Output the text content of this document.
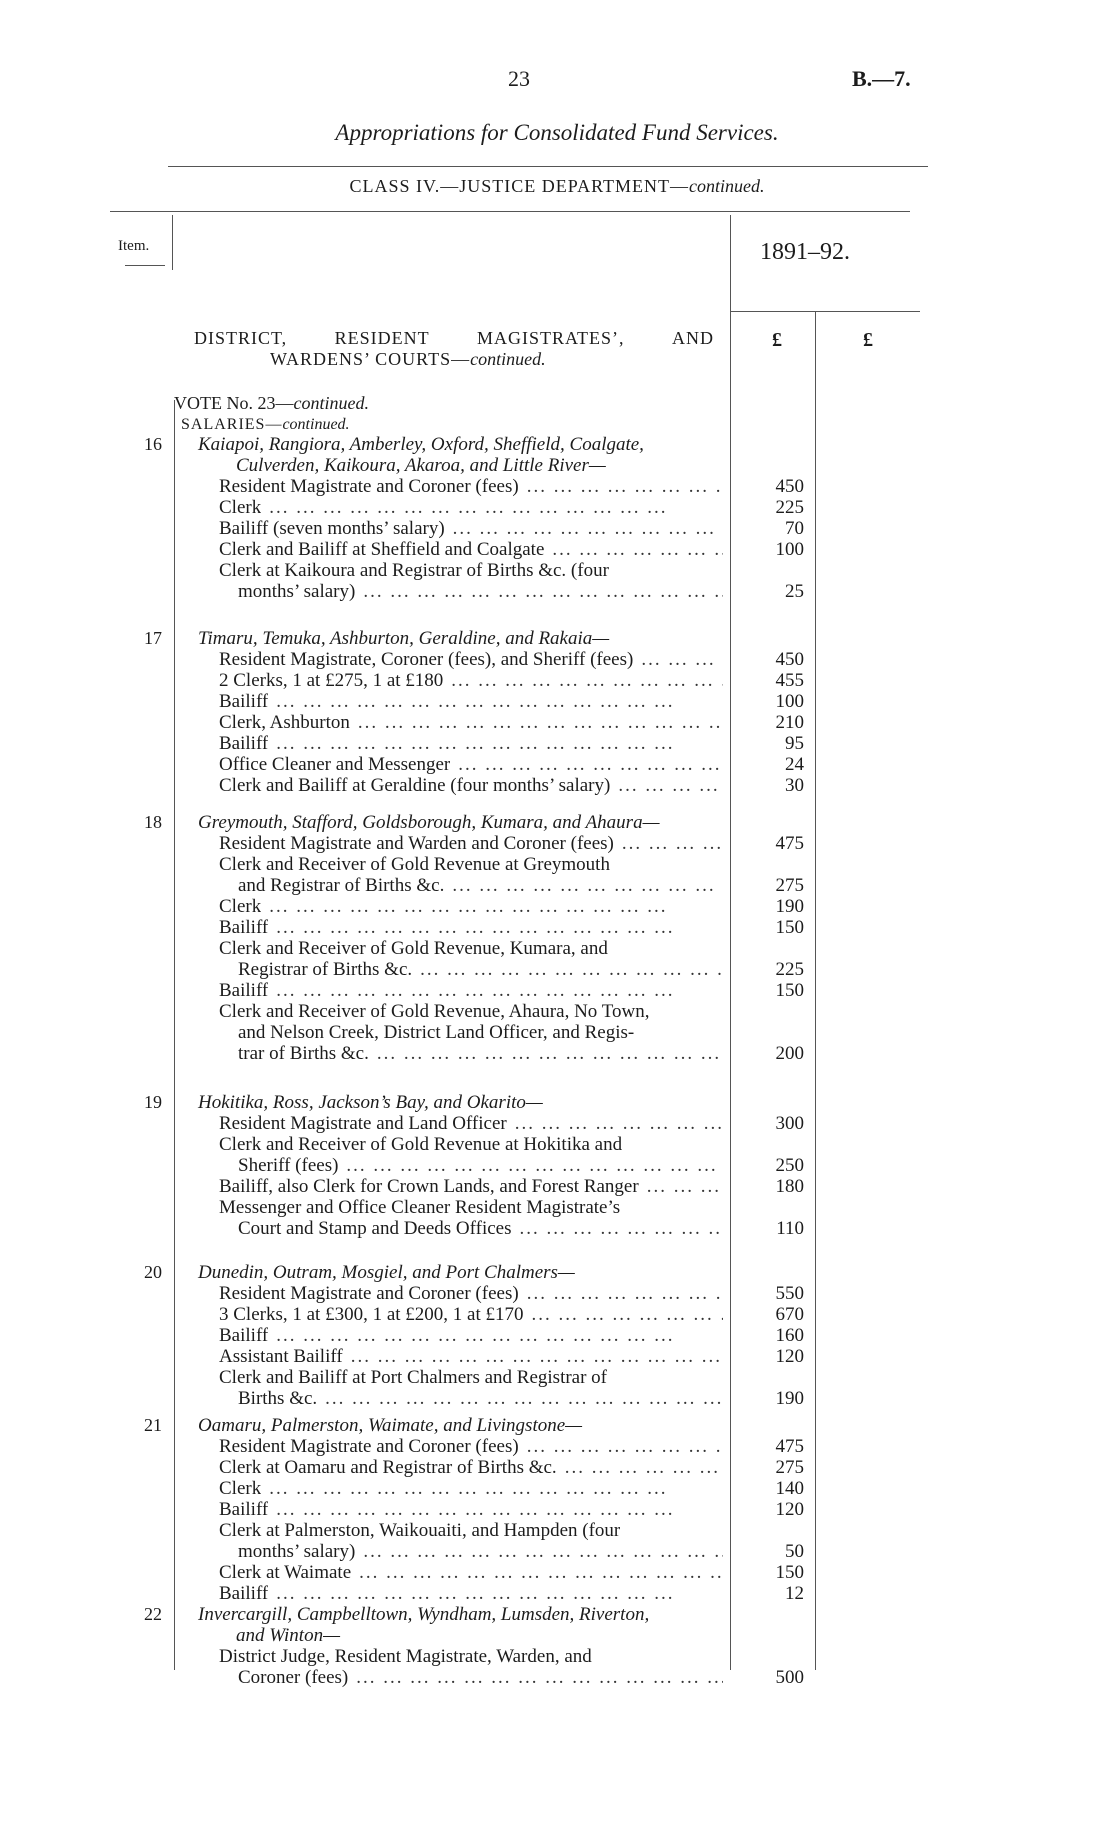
23	B.—7.
Appropriations for Consolidated Fund Services.
CLASS IV.—JUSTICE DEPARTMENT—continued.
Item.	1891–92.
£	£
DISTRICT,	RESIDENT	MAGISTRATES’,	AND
WARDENS’ COURTS—continued.
VOTE No. 23—continued.
SALARIES—continued.
16 Kaiapoi, Rangiora, Amberley, Oxford, Sheffield, Coalgate,
Culverden, Kaikoura, Akaroa, and Little River—
Resident Magistrate and Coroner (fees) ...	450
Clerk ...	225
Bailiff (seven months’ salary) ...	70
Clerk and Bailiff at Sheffield and Coalgate ...	100
Clerk at Kaikoura and Registrar of Births &c. (four
months’ salary) ...	25
17 Timaru, Temuka, Ashburton, Geraldine, and Rakaia—
Resident Magistrate, Coroner (fees), and Sheriff (fees) ...	450
2 Clerks, 1 at £275, 1 at £180 ...	455
Bailiff ...	100
Clerk, Ashburton ...	210
Bailiff ...	95
Office Cleaner and Messenger ...	24
Clerk and Bailiff at Geraldine (four months’ salary) ...	30
18 Greymouth, Stafford, Goldsborough, Kumara, and Ahaura—
Resident Magistrate and Warden and Coroner (fees) ...	475
Clerk and Receiver of Gold Revenue at Greymouth
and Registrar of Births &c. ...	275
Clerk ...	190
Bailiff ...	150
Clerk and Receiver of Gold Revenue, Kumara, and
Registrar of Births &c. ...	225
Bailiff ...	150
Clerk and Receiver of Gold Revenue, Ahaura, No Town,
and Nelson Creek, District Land Officer, and Regis-
trar of Births &c. ...	200
19 Hokitika, Ross, Jackson’s Bay, and Okarito—
Resident Magistrate and Land Officer ...	300
Clerk and Receiver of Gold Revenue at Hokitika and
Sheriff (fees) ...	250
Bailiff, also Clerk for Crown Lands, and Forest Ranger ...	180
Messenger and Office Cleaner Resident Magistrate’s
Court and Stamp and Deeds Offices ...	110
20 Dunedin, Outram, Mosgiel, and Port Chalmers—
Resident Magistrate and Coroner (fees) ...	550
3 Clerks, 1 at £300, 1 at £200, 1 at £170 ...	670
Bailiff ...	160
Assistant Bailiff ...	120
Clerk and Bailiff at Port Chalmers and Registrar of
Births &c. ...	190
21 Oamaru, Palmerston, Waimate, and Livingstone—
Resident Magistrate and Coroner (fees) ...	475
Clerk at Oamaru and Registrar of Births &c. ...	275
Clerk ...	140
Bailiff ...	120
Clerk at Palmerston, Waikouaiti, and Hampden (four
months’ salary) ...	50
Clerk at Waimate ...	150
Bailiff ...	12
22 Invercargill, Campbelltown, Wyndham, Lumsden, Riverton,
and Winton—
District Judge, Resident Magistrate, Warden, and
Coroner (fees) ...	500
